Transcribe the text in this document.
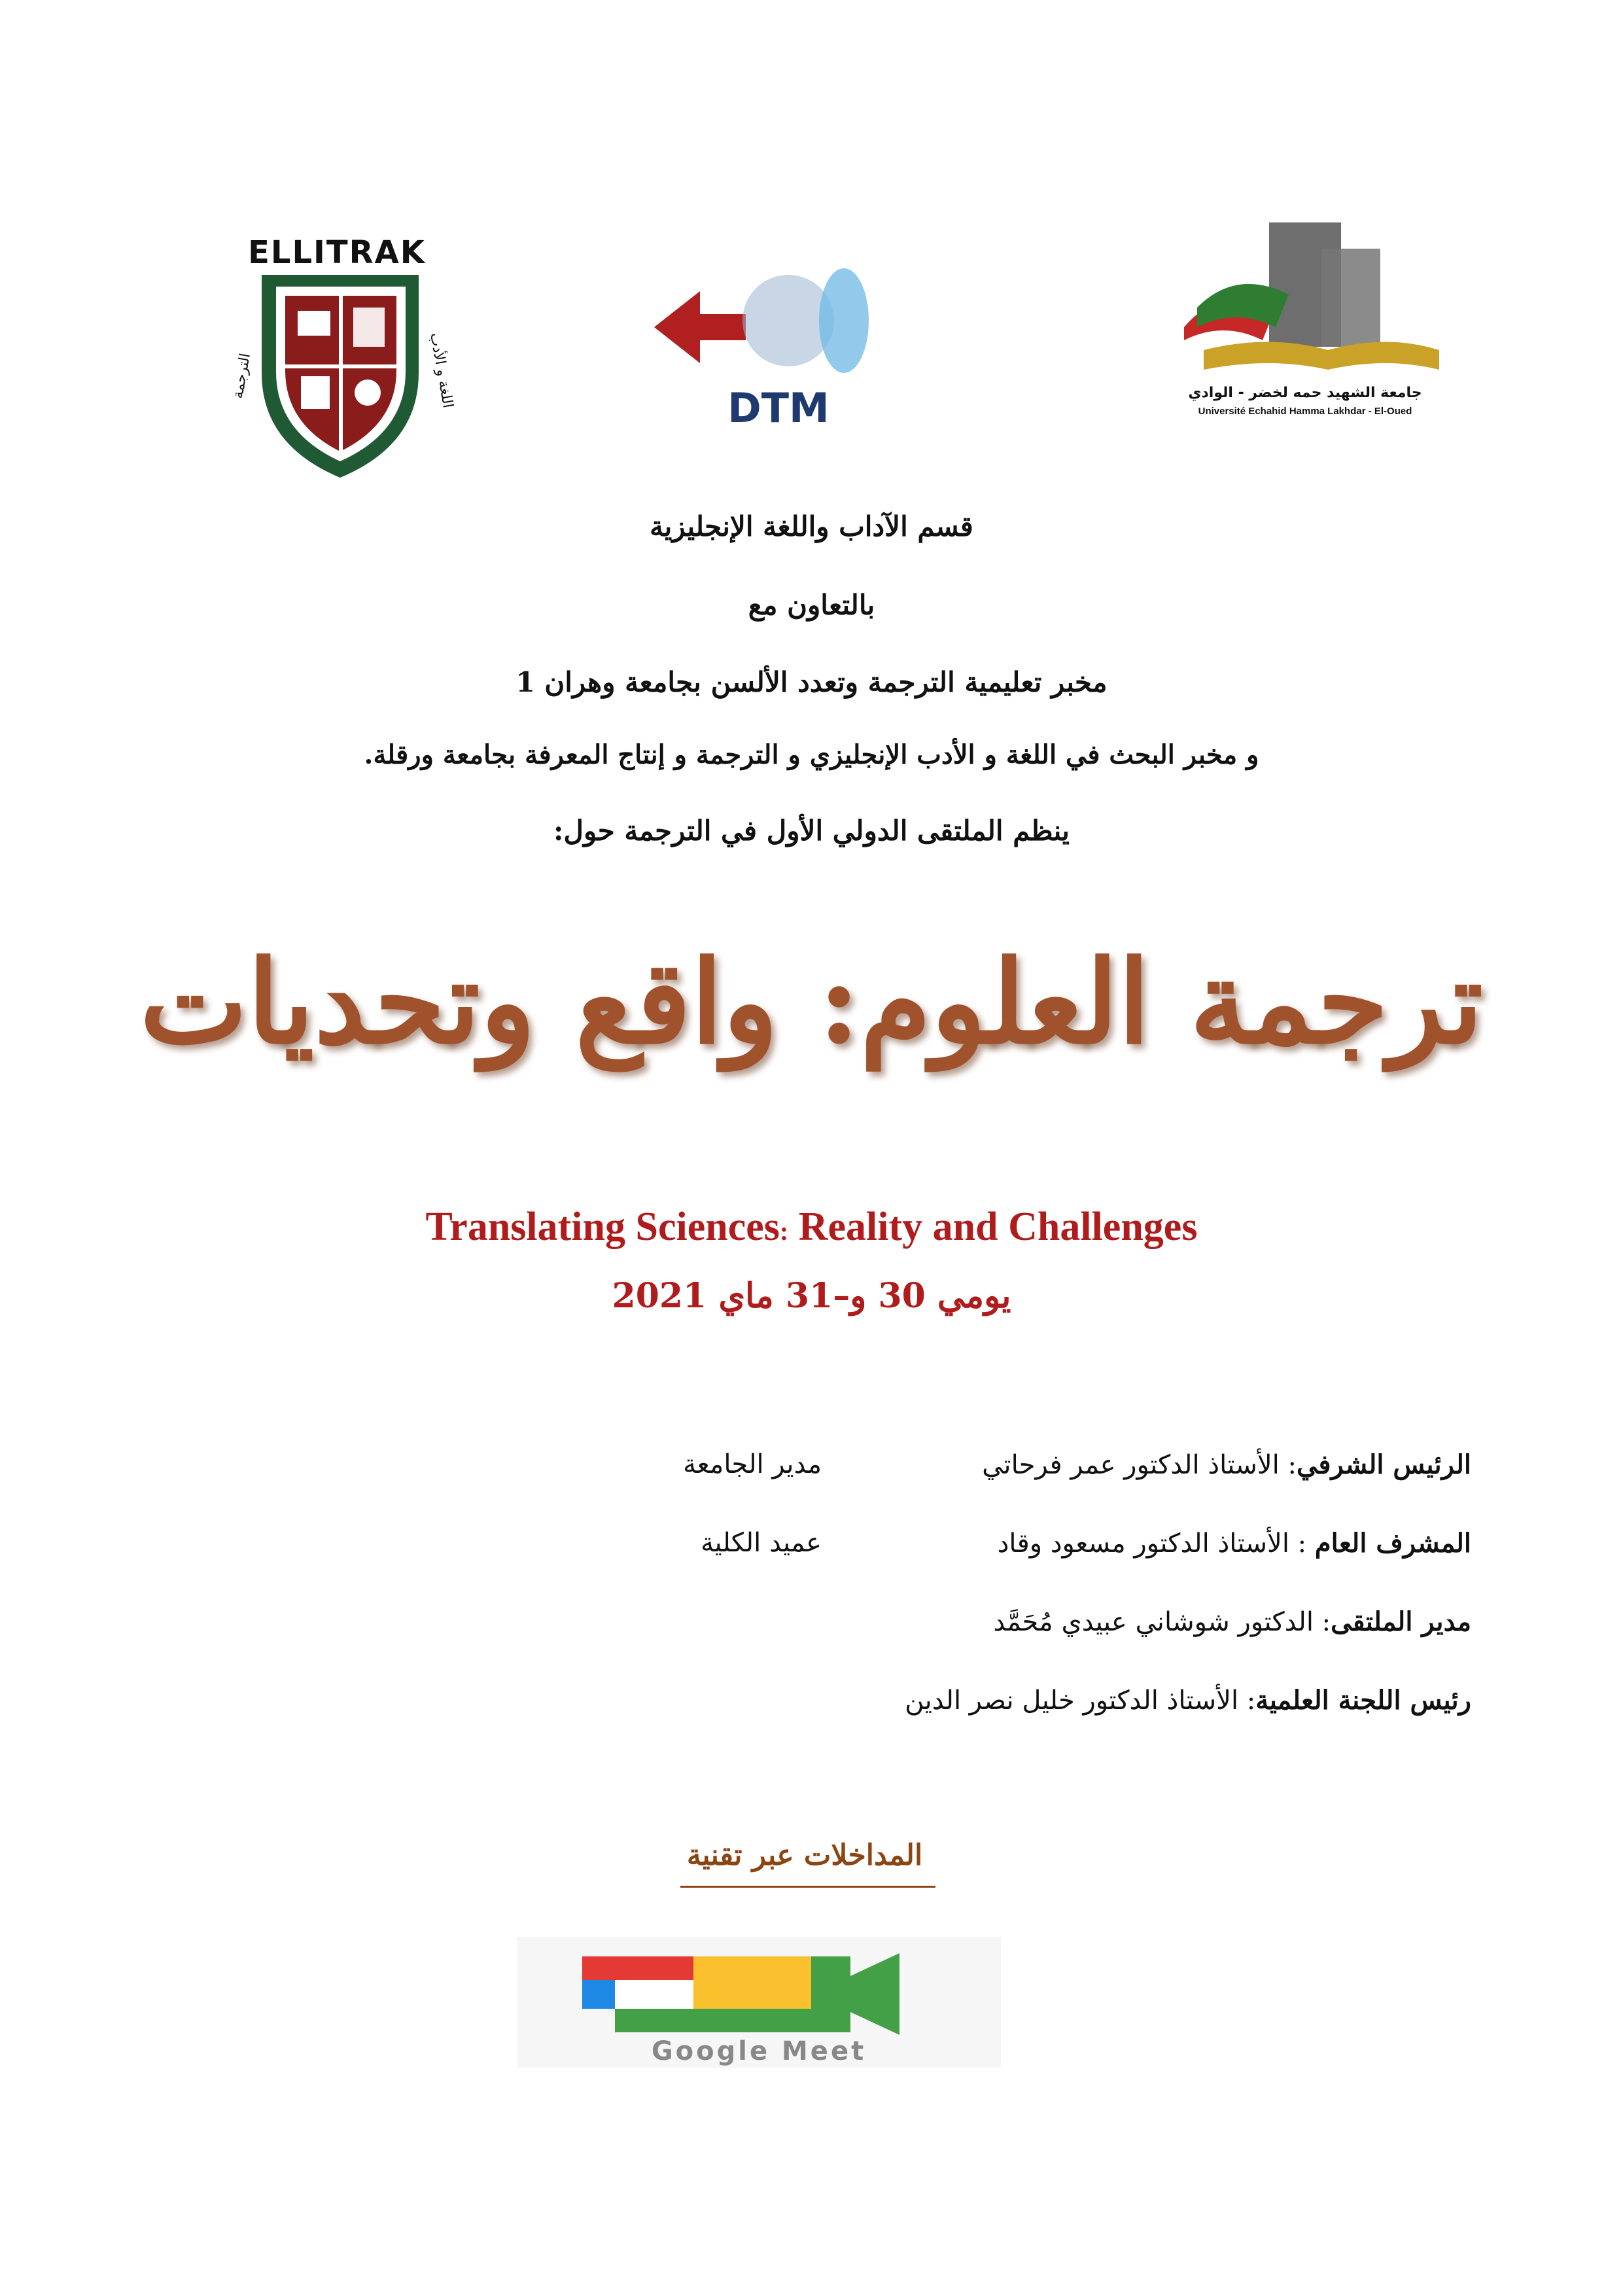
ELLITRAK
الترجمة	اللغة و الأدب	DTM	جامعة الشهيد حمه لخضر - الوادي
Université Echahid Hamma Lakhdar - El-Oued
قسم الآداب واللغة الإنجليزية
بالتعاون مع
مخبر تعليمية الترجمة وتعدد الألسن بجامعة وهران 1
و مخبر البحث في اللغة و الأدب الإنجليزي و الترجمة و إنتاج المعرفة بجامعة ورقلة.
ينظم الملتقى الدولي الأول في الترجمة حول:
ترجمة العلوم: واقع وتحديات
Translating Sciences: Reality and Challenges
يومي 30 و–31 ماي 2021
الرئيس الشرفي: الأستاذ الدكتور عمر فرحاتي
مدير الجامعة
المشرف العام : الأستاذ الدكتور مسعود وقاد
عميد الكلية
مدير الملتقى: الدكتور شوشاني عبيدي مُحَمَّد
رئيس اللجنة العلمية: الأستاذ الدكتور خليل نصر الدين
المداخلات عبر تقنية
Google Meet
